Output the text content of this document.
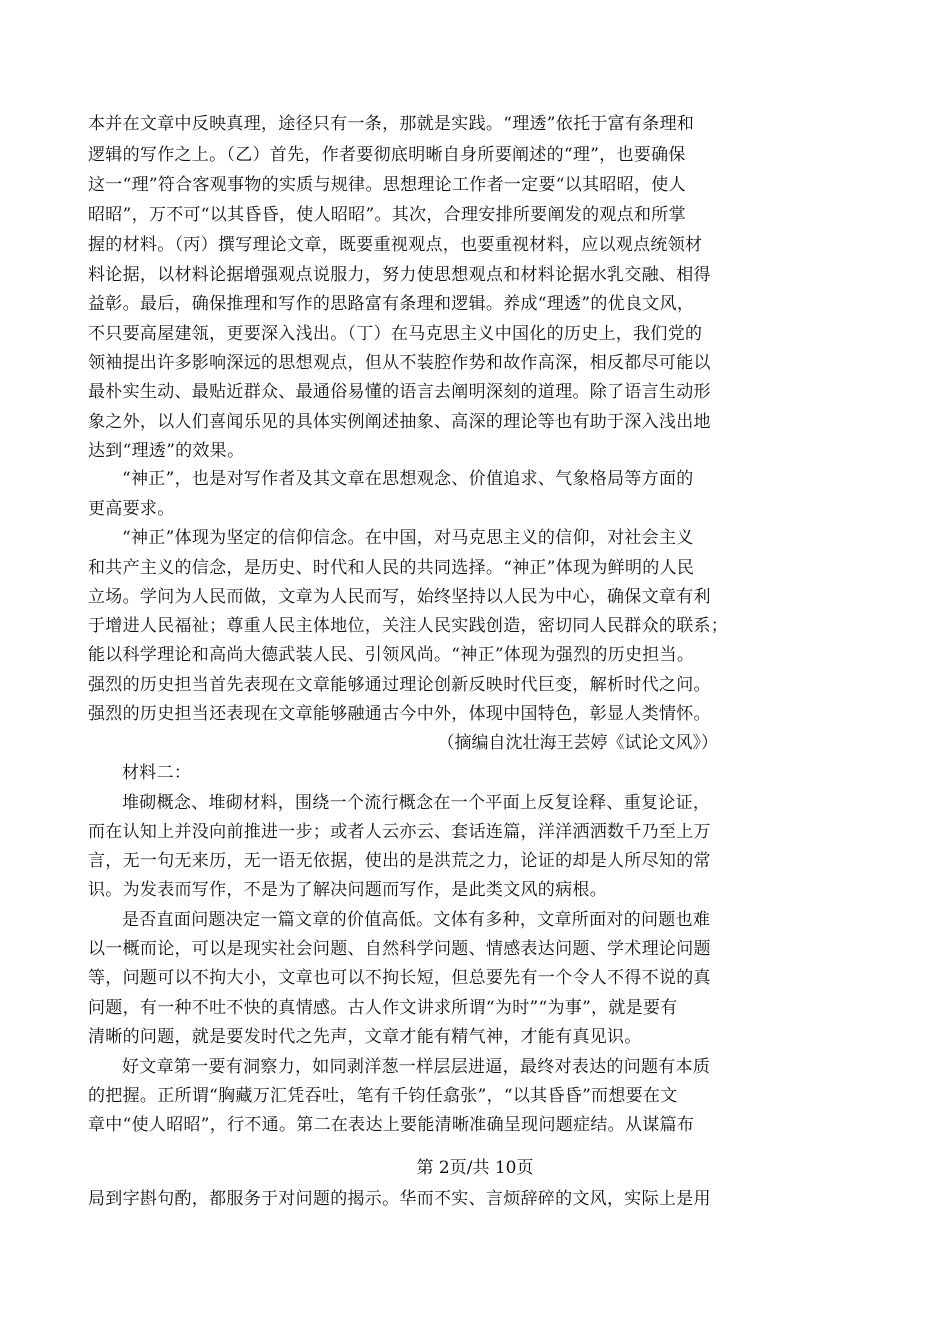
本并在文章中反映真理，途径只有一条，那就是实践。“理透”依托于富有条理和
逻辑的写作之上。（乙）首先，作者要彻底明晰自身所要阐述的“理”，也要确保
这一“理”符合客观事物的实质与规律。思想理论工作者一定要“以其昭昭，使人
昭昭”，万不可“以其昏昏，使人昭昭”。其次，合理安排所要阐发的观点和所掌
握的材料。（丙）撰写理论文章，既要重视观点，也要重视材料，应以观点统领材
料论据，以材料论据增强观点说服力，努力使思想观点和材料论据水乳交融、相得
益彰。最后，确保推理和写作的思路富有条理和逻辑。养成“理透”的优良文风，
不只要高屋建瓴，更要深入浅出。（丁）在马克思主义中国化的历史上，我们党的
领袖提出许多影响深远的思想观点，但从不装腔作势和故作高深，相反都尽可能以
最朴实生动、最贴近群众、最通俗易懂的语言去阐明深刻的道理。除了语言生动形
象之外，以人们喜闻乐见的具体实例阐述抽象、高深的理论等也有助于深入浅出地
达到“理透”的效果。
“神正”，也是对写作者及其文章在思想观念、价值追求、气象格局等方面的
更高要求。
“神正”体现为坚定的信仰信念。在中国，对马克思主义的信仰，对社会主义
和共产主义的信念，是历史、时代和人民的共同选择。“神正”体现为鲜明的人民
立场。学问为人民而做，文章为人民而写，始终坚持以人民为中心，确保文章有利
于增进人民福祉；尊重人民主体地位，关注人民实践创造，密切同人民群众的联系；
能以科学理论和高尚大德武装人民、引领风尚。“神正”体现为强烈的历史担当。
强烈的历史担当首先表现在文章能够通过理论创新反映时代巨变，解析时代之问。
强烈的历史担当还表现在文章能够融通古今中外，体现中国特色，彰显人类情怀。
（摘编自沈壮海王芸婷《试论文风》）
材料二：
堆砌概念、堆砌材料，围绕一个流行概念在一个平面上反复诠释、重复论证，
而在认知上并没向前推进一步；或者人云亦云、套话连篇，洋洋洒洒数千乃至上万
言，无一句无来历，无一语无依据，使出的是洪荒之力，论证的却是人所尽知的常
识。为发表而写作，不是为了解决问题而写作，是此类文风的病根。
是否直面问题决定一篇文章的价值高低。文体有多种，文章所面对的问题也难
以一概而论，可以是现实社会问题、自然科学问题、情感表达问题、学术理论问题
等，问题可以不拘大小，文章也可以不拘长短，但总要先有一个令人不得不说的真
问题，有一种不吐不快的真情感。古人作文讲求所谓“为时”“为事”，就是要有
清晰的问题，就是要发时代之先声，文章才能有精气神，才能有真见识。
好文章第一要有洞察力，如同剥洋葱一样层层进逼，最终对表达的问题有本质
的把握。正所谓“胸藏万汇凭吞吐，笔有千钧任翕张”，“以其昏昏”而想要在文
章中“使人昭昭”，行不通。第二在表达上要能清晰准确呈现问题症结。从谋篇布
第 2页/共 10页
局到字斟句酌，都服务于对问题的揭示。华而不实、言烦辞碎的文风，实际上是用
